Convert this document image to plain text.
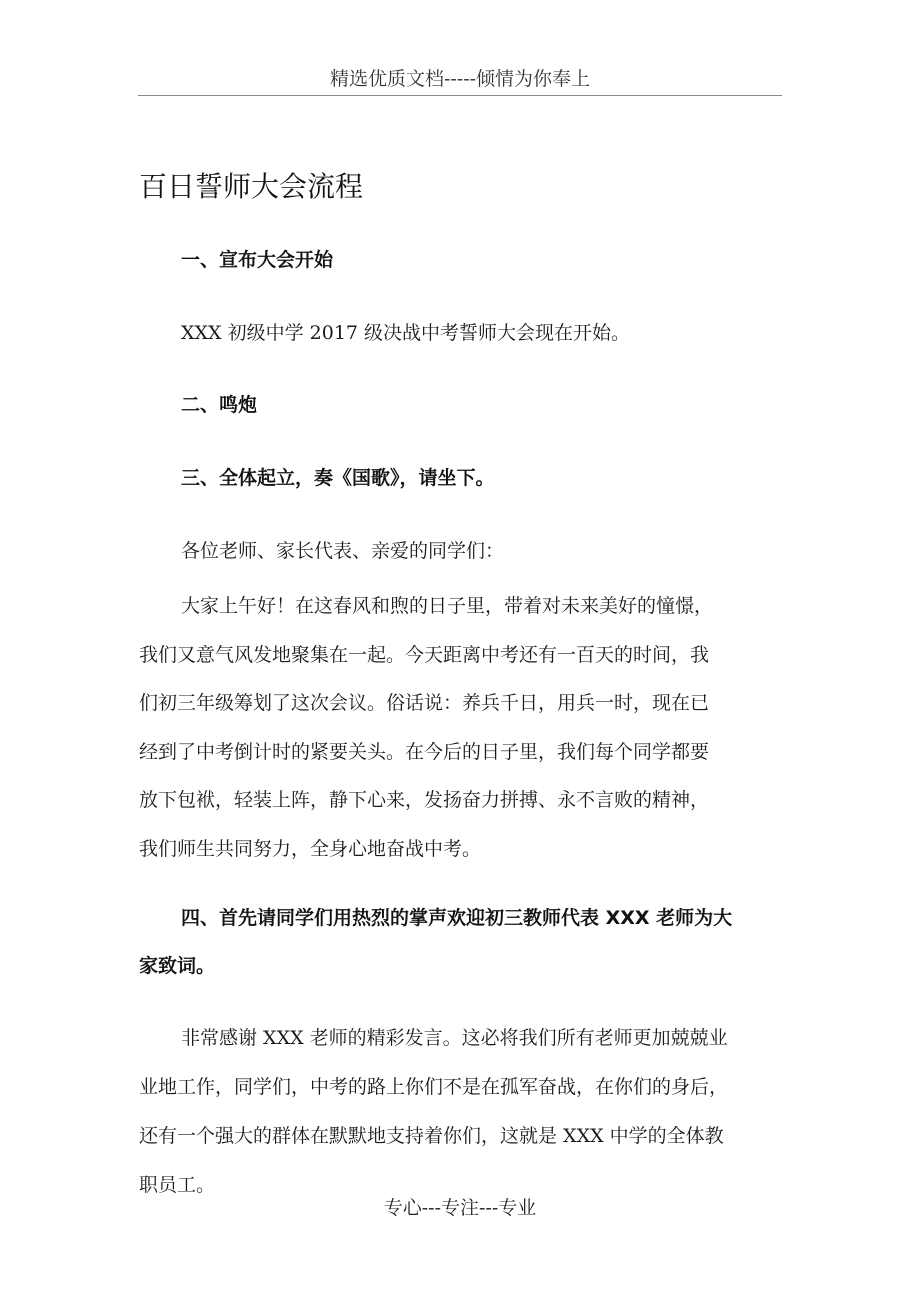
精选优质文档-----倾情为你奉上
百日誓师大会流程
一、宣布大会开始
XXX 初级中学 2017 级决战中考誓师大会现在开始。
二、鸣炮
三、全体起立，奏《国歌》，请坐下。
各位老师、家长代表、亲爱的同学们：
大家上午好！在这春风和煦的日子里，带着对未来美好的憧憬，
我们又意气风发地聚集在一起。今天距离中考还有一百天的时间，我
们初三年级筹划了这次会议。俗话说：养兵千日，用兵一时，现在已
经到了中考倒计时的紧要关头。在今后的日子里，我们每个同学都要
放下包袱，轻装上阵，静下心来，发扬奋力拼搏、永不言败的精神，
我们师生共同努力，全身心地奋战中考。
四、首先请同学们用热烈的掌声欢迎初三教师代表 XXX 老师为大
家致词。
非常感谢 XXX 老师的精彩发言。这必将我们所有老师更加兢兢业
业地工作，同学们，中考的路上你们不是在孤军奋战，在你们的身后，
还有一个强大的群体在默默地支持着你们，这就是 XXX 中学的全体教
职员工。
专心---专注---专业
